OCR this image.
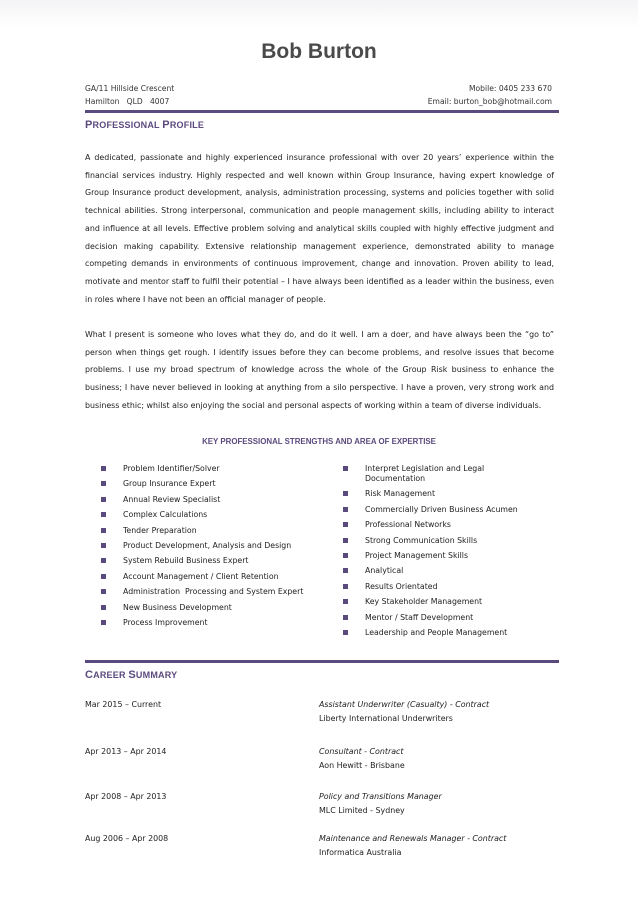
Bob Burton
GA/11 Hillside Crescent
Hamilton   QLD   4007
Mobile: 0405 233 670
Email: burton_bob@hotmail.com
PROFESSIONAL PROFILE
A dedicated, passionate and highly experienced insurance professional with over 20 years’ experience within the financial services industry. Highly respected and well known within Group Insurance, having expert knowledge of Group Insurance product development, analysis, administration processing, systems and policies together with solid technical abilities. Strong interpersonal, communication and people management skills, including ability to interact and influence at all levels. Effective problem solving and analytical skills coupled with highly effective judgment and decision making capability. Extensive relationship management experience, demonstrated ability to manage competing demands in environments of continuous improvement, change and innovation. Proven ability to lead, motivate and mentor staff to fulfil their potential – I have always been identified as a leader within the business, even in roles where I have not been an official manager of people.
What I present is someone who loves what they do, and do it well. I am a doer, and have always been the “go to” person when things get rough. I identify issues before they can become problems, and resolve issues that become problems. I use my broad spectrum of knowledge across the whole of the Group Risk business to enhance the business; I have never believed in looking at anything from a silo perspective. I have a proven, very strong work and business ethic; whilst also enjoying the social and personal aspects of working within a team of diverse individuals.
KEY PROFESSIONAL STRENGTHS AND AREA OF EXPERTISE
Problem Identifier/Solver
Group Insurance Expert
Annual Review Specialist
Complex Calculations
Tender Preparation
Product Development, Analysis and Design
System Rebuild Business Expert
Account Management / Client Retention
Administration  Processing and System Expert
New Business Development
Process Improvement
Interpret Legislation and Legal Documentation
Risk Management
Commercially Driven Business Acumen
Professional Networks
Strong Communication Skills
Project Management Skills
Analytical
Results Orientated
Key Stakeholder Management
Mentor / Staff Development
Leadership and People Management
CAREER SUMMARY
Mar 2015 – Current	Assistant Underwriter (Casualty) - Contract
Liberty International Underwriters
Apr 2013 – Apr 2014	Consultant - Contract
Aon Hewitt - Brisbane
Apr 2008 – Apr 2013	Policy and Transitions Manager
MLC Limited - Sydney
Aug 2006 – Apr 2008	Maintenance and Renewals Manager - Contract
Informatica Australia
